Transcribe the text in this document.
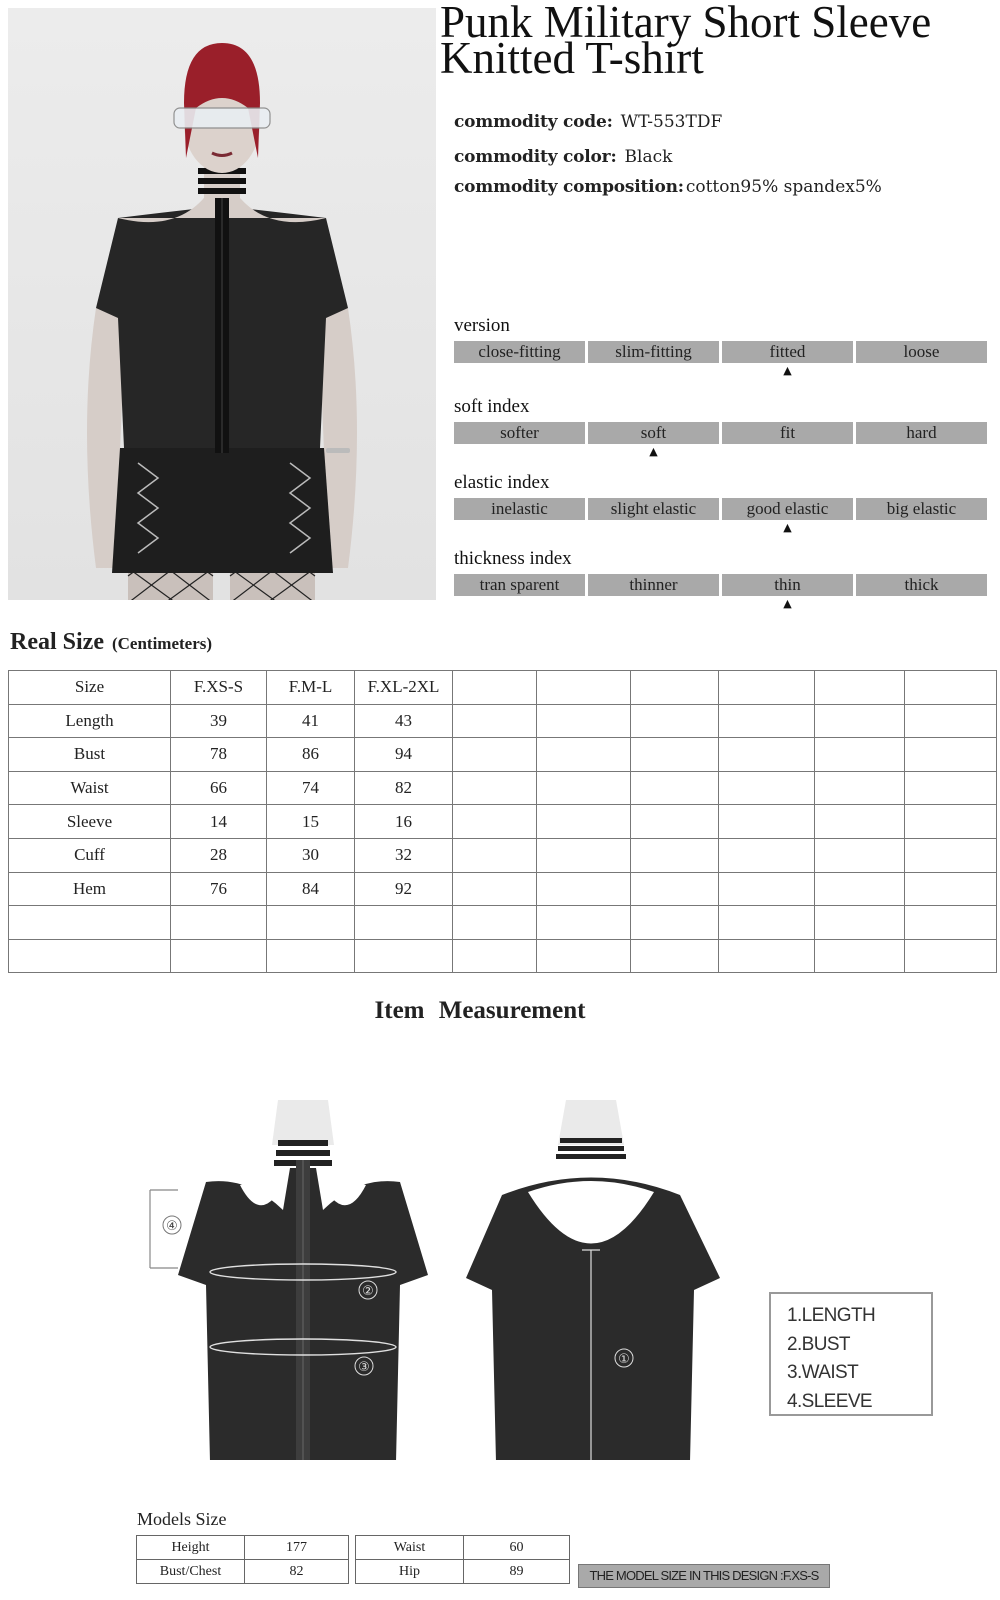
Punk Military Short Sleeve
Knitted T-shirt
commodity code: WT-553TDF
commodity color: Black
commodity composition: cotton95% spandex5%
version
close-fitting	slim-fitting	fitted	loose
▲
soft index
softer	soft	fit	hard
▲
elastic index
inelastic	slight elastic	good elastic	big elastic
▲
thickness index
tran sparent	thinner	thin	thick
▲
Real Size (Centimeters)
Size	F.XS-S	F.M-L	F.XL-2XL						
Length	39	41	43						
Bust	78	86	94						
Waist	66	74	82						
Sleeve	14	15	16						
Cuff	28	30	32						
Hem	76	84	92						

Item Measurement
④
②
③
①
1.LENGTH
2.BUST
3.WAIST
4.SLEEVE
Models Size
Height	177
Bust/Chest	82
Waist	60
Hip	89	THE MODEL SIZE IN THIS DESIGN :F.XS-S
